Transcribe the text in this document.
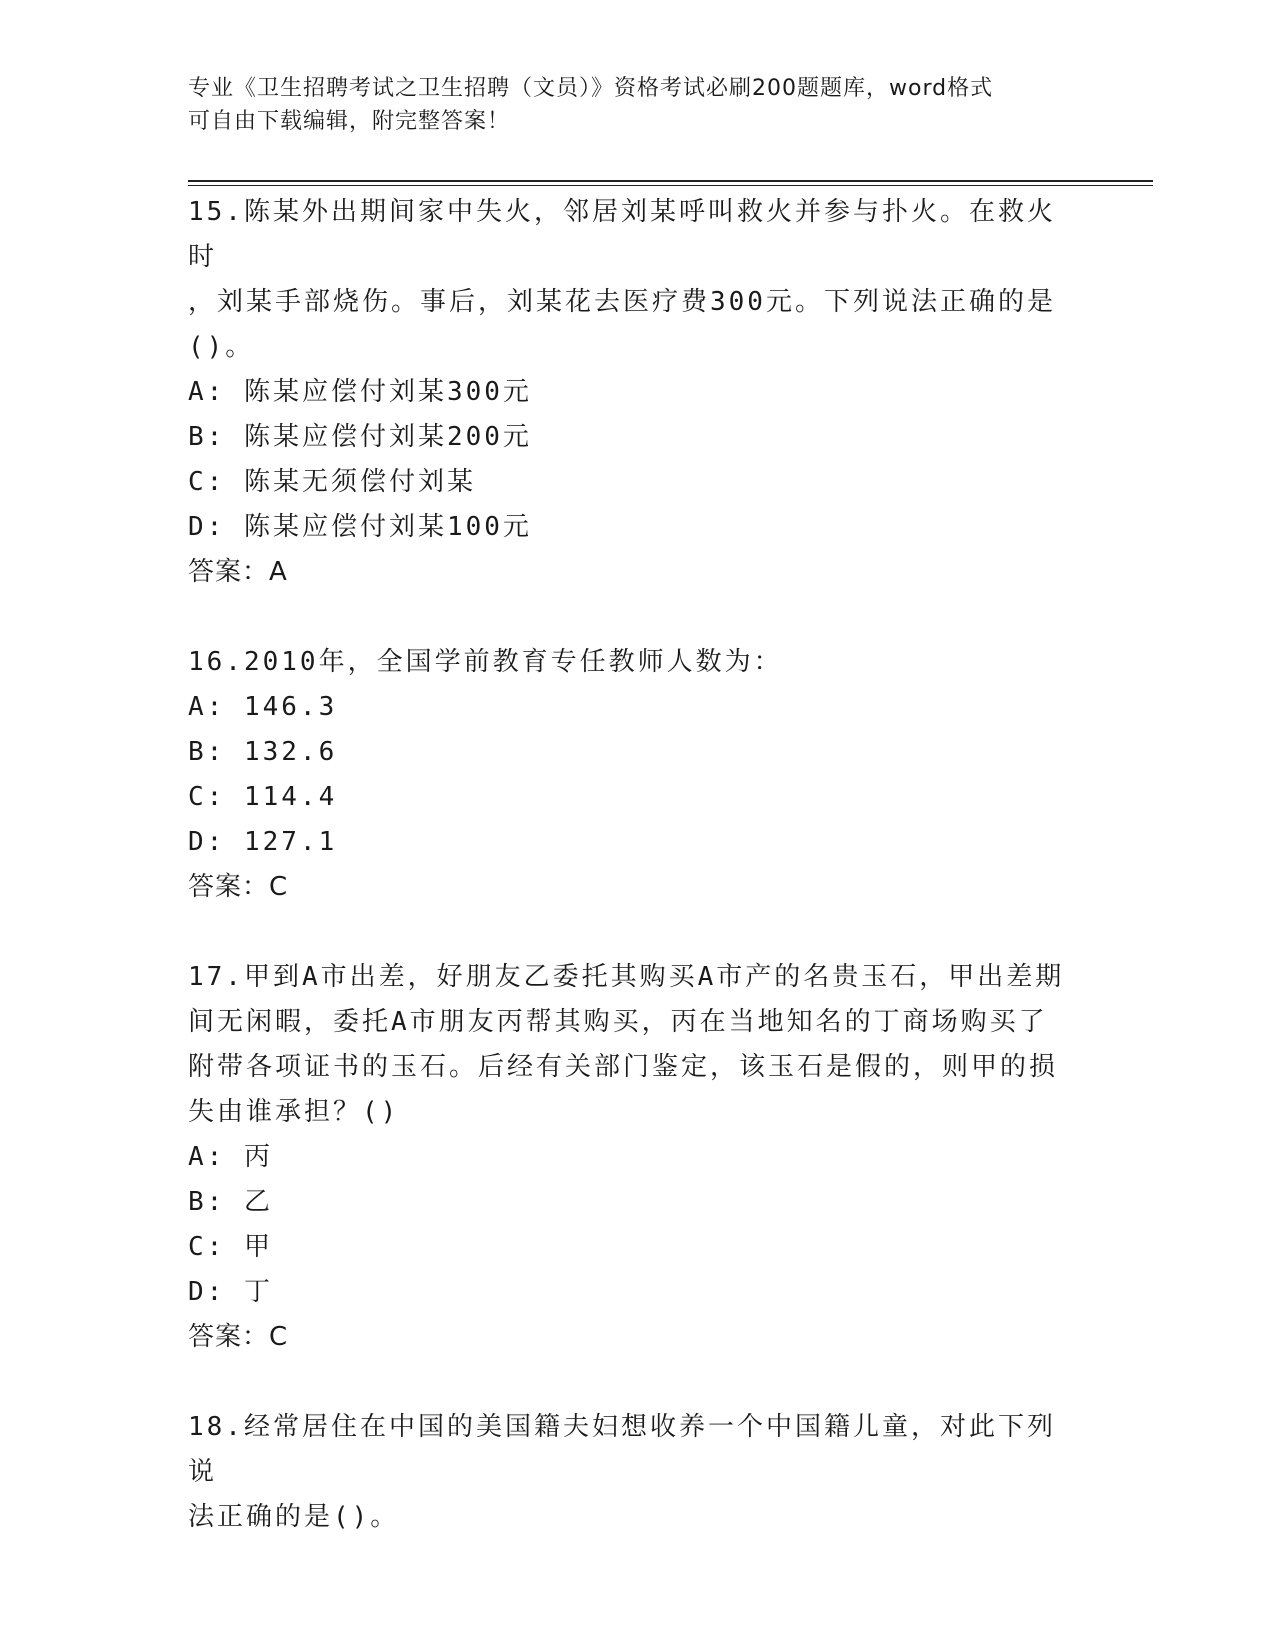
专业《卫生招聘考试之卫生招聘（文员）》资格考试必刷200题题库，word格式
可自由下载编辑，附完整答案！
15.陈某外出期间家中失火，邻居刘某呼叫救火并参与扑火。在救火时
，刘某手部烧伤。事后，刘某花去医疗费300元。下列说法正确的是
()。
A: 陈某应偿付刘某300元
B: 陈某应偿付刘某200元
C: 陈某无须偿付刘某
D: 陈某应偿付刘某100元
答案：A
16.2010年，全国学前教育专任教师人数为：
A: 146.3
B: 132.6
C: 114.4
D: 127.1
答案：C
17.甲到A市出差，好朋友乙委托其购买A市产的名贵玉石，甲出差期
间无闲暇，委托A市朋友丙帮其购买，丙在当地知名的丁商场购买了
附带各项证书的玉石。后经有关部门鉴定，该玉石是假的，则甲的损
失由谁承担？()
A: 丙
B: 乙
C: 甲
D: 丁
答案：C
18.经常居住在中国的美国籍夫妇想收养一个中国籍儿童，对此下列说
法正确的是()。
